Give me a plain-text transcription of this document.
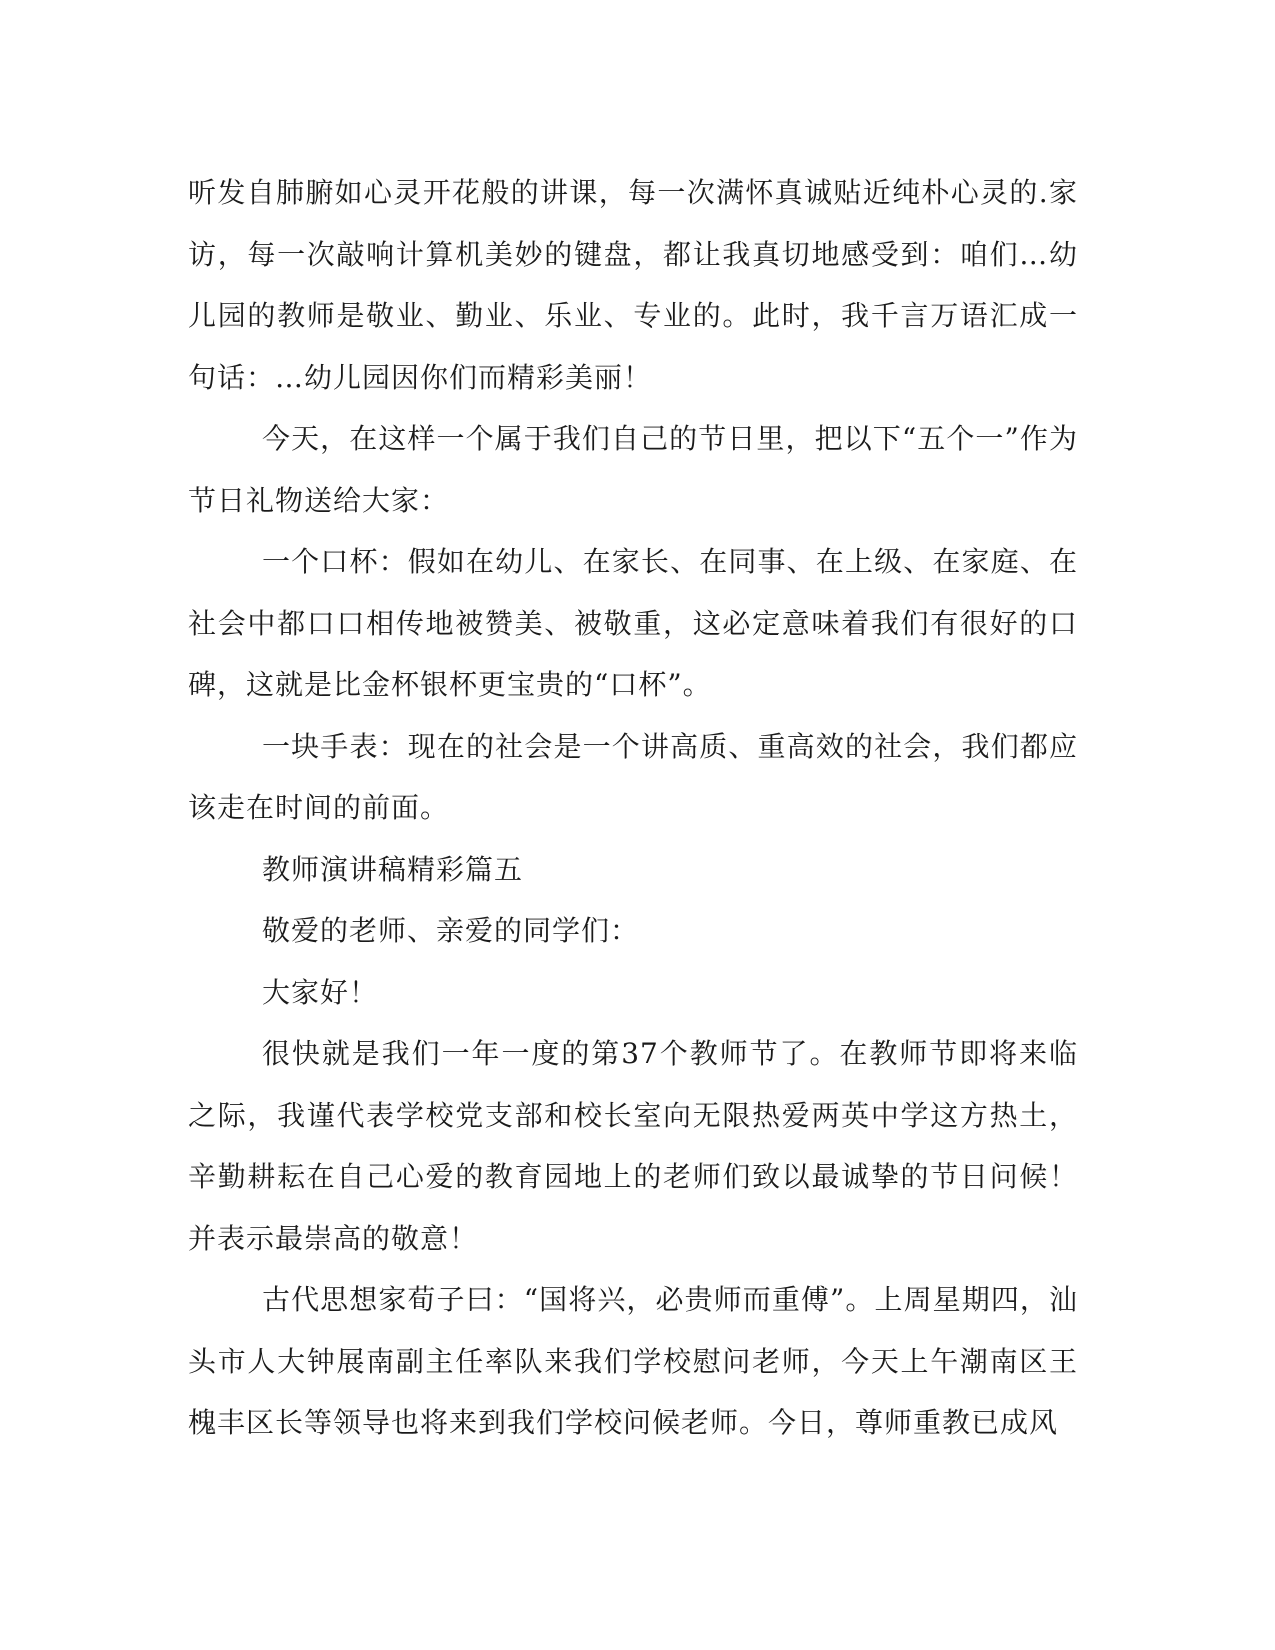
听发自肺腑如心灵开花般的讲课，每一次满怀真诚贴近纯朴心灵的.家访，每一次敲响计算机美妙的键盘，都让我真切地感受到：咱们…幼儿园的教师是敬业、勤业、乐业、专业的。此时，我千言万语汇成一句话：…幼儿园因你们而精彩美丽！

今天，在这样一个属于我们自己的节日里，把以下“五个一”作为节日礼物送给大家：

一个口杯：假如在幼儿、在家长、在同事、在上级、在家庭、在社会中都口口相传地被赞美、被敬重，这必定意味着我们有很好的口碑，这就是比金杯银杯更宝贵的“口杯”。

一块手表：现在的社会是一个讲高质、重高效的社会，我们都应该走在时间的前面。

教师演讲稿精彩篇五

敬爱的老师、亲爱的同学们：

大家好！

很快就是我们一年一度的第37个教师节了。在教师节即将来临之际，我谨代表学校党支部和校长室向无限热爱两英中学这方热土，辛勤耕耘在自己心爱的教育园地上的老师们致以最诚挚的节日问候！并表示最崇高的敬意！

古代思想家荀子曰：“国将兴，必贵师而重傅”。上周星期四，汕头市人大钟展南副主任率队来我们学校慰问老师，今天上午潮南区王槐丰区长等领导也将来到我们学校问候老师。今日，尊师重教已成风
